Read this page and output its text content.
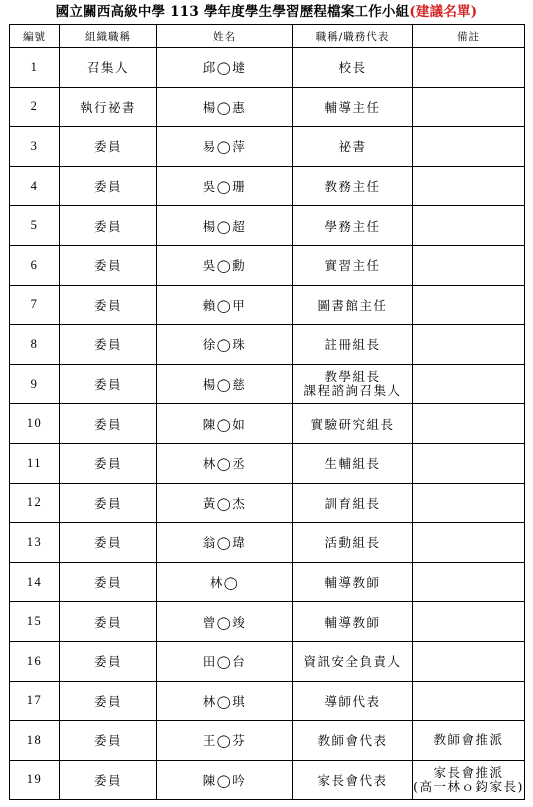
國立關西高級中學 113 學年度學生學習歷程檔案工作小組(建議名單)
編號	組織職稱	姓名	職稱/職務代表	備註
1	召集人	邱◯墶	校長	
2	執行祕書	楊◯惠	輔導主任	
3	委員	易◯萍	祕書	
4	委員	吳◯珊	教務主任	
5	委員	楊◯超	學務主任	
6	委員	吳◯勳	實習主任	
7	委員	賴◯甲	圖書館主任	
8	委員	徐◯珠	註冊組長	
9	委員	楊◯慈	教學組長
課程諮詢召集人	

10	委員	陳◯如	實驗研究組長	
11	委員	林◯丞	生輔組長	
12	委員	黃◯杰	訓育組長	
13	委員	翁◯瑋	活動組長	
14	委員	林◯	輔導教師	
15	委員	曾◯竣	輔導教師	
16	委員	田◯台	資訊安全負責人	
17	委員	林◯琪	導師代表	
18	委員	王◯芬	教師會代表	教師會推派

19	委員	陳◯吟	家長會代表	家長會推派
(高一林ｏ鈞家長)
